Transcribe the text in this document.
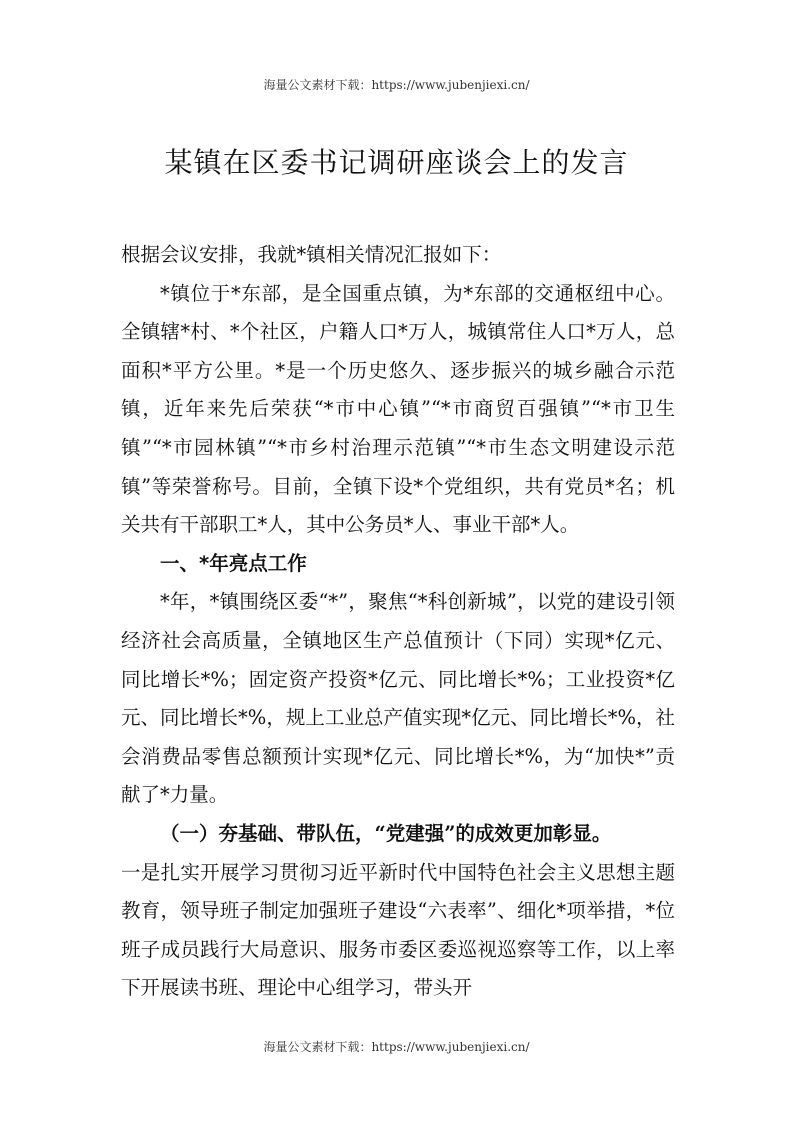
海量公文素材下载：https://www.jubenjiexi.cn/
某镇在区委书记调研座谈会上的发言

根据会议安排，我就*镇相关情况汇报如下：

*镇位于*东部，是全国重点镇，为*东部的交通枢纽中心。全镇辖*村、*个社区，户籍人口*万人，城镇常住人口*万人，总面积*平方公里。*是一个历史悠久、逐步振兴的城乡融合示范镇，近年来先后荣获“*市中心镇”“*市商贸百强镇”“*市卫生镇”“*市园林镇”“*市乡村治理示范镇”“*市生态文明建设示范镇”等荣誉称号。目前，全镇下设*个党组织，共有党员*名；机关共有干部职工*人，其中公务员*人、事业干部*人。

一、*年亮点工作

*年，*镇围绕区委“*”，聚焦“*科创新城”，以党的建设引领经济社会高质量，全镇地区生产总值预计（下同）实现*亿元、同比增长*%；固定资产投资*亿元、同比增长*%；工业投资*亿元、同比增长*%，规上工业总产值实现*亿元、同比增长*%，社会消费品零售总额预计实现*亿元、同比增长*%，为“加快*”贡献了*力量。

（一）夯基础、带队伍，“党建强”的成效更加彰显。

一是扎实开展学习贯彻习近平新时代中国特色社会主义思想主题教育，领导班子制定加强班子建设“六表率”、细化*项举措，*位班子成员践行大局意识、服务市委区委巡视巡察等工作，以上率下开展读书班、理论中心组学习，带头开

海量公文素材下载：https://www.jubenjiexi.cn/
